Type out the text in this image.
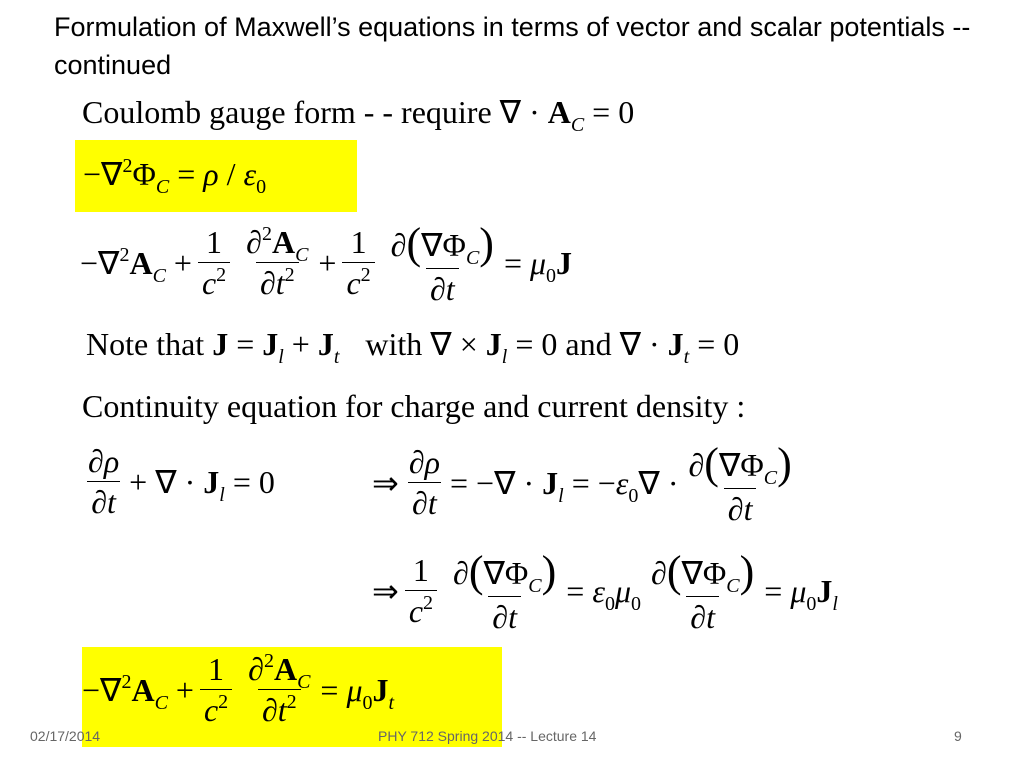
Formulation of Maxwell’s equations in terms of vector and scalar potentials -- continued
Coulomb gauge form - - require ∇ · $A_C = 0$
$-\nabla^2\Phi_C = \rho / \varepsilon_0$
$-\nabla^2A_C + \frac{1}{c^2} \frac{\partial^2A_C}{\partial t^2} + \frac{1}{c^2} \frac{\partial(\nabla\Phi_C)}{\partial t} = \mu_0J$
Note that $J = J_l + J_t$ with ∇ × $J_l = 0$ and ∇ · $J_t = 0$
Continuity equation for charge and current density :
$\frac{\partial\rho}{\partial t}$ + ∇ · $J_l = 0$	⇒ $\frac{\partial\rho}{\partial t}$ = −∇ · $J_l = -\varepsilon_0\nabla \cdot \frac{\partial(\nabla\Phi_C)}{\partial t}$
⇒ $\frac{1}{c^2} \frac{\partial(\nabla\Phi_C)}{\partial t} = \varepsilon_0\mu_0 \frac{\partial(\nabla\Phi_C)}{\partial t} = \mu_0J_l$
$-\nabla^2A_C + \frac{1}{c^2} \frac{\partial^2A_C}{\partial t^2} = \mu_0J_t$
02/17/2014	PHY 712 Spring 2014 -- Lecture 14	9
